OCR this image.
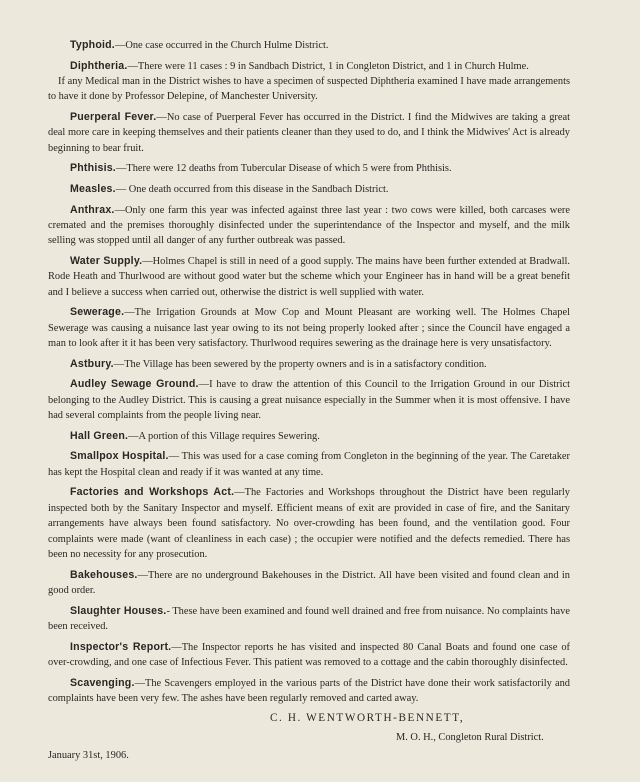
Typhoid.—One case occurred in the Church Hulme District.

Diphtheria.—There were 11 cases : 9 in Sandbach District, 1 in Congleton District, and 1 in Church Hulme.

If any Medical man in the District wishes to have a specimen of suspected Diphtheria examined I have made arrangements to have it done by Professor Delepine, of Manchester University.

Puerperal Fever.—No case of Puerperal Fever has occurred in the District. I find the Midwives are taking a great deal more care in keeping themselves and their patients cleaner than they used to do, and I think the Midwives' Act is already beginning to bear fruit.

Phthisis.—There were 12 deaths from Tubercular Disease of which 5 were from Phthisis.

Measles.— One death occurred from this disease in the Sandbach District.

Anthrax.—Only one farm this year was infected against three last year : two cows were killed, both carcases were cremated and the premises thoroughly disinfected under the superintendance of the Inspector and myself, and the milk selling was stopped until all danger of any further outbreak was passed.

Water Supply.—Holmes Chapel is still in need of a good supply. The mains have been further extended at Bradwall. Rode Heath and Thurlwood are without good water but the scheme which your Engineer has in hand will be a great benefit and I believe a success when carried out, otherwise the district is well supplied with water.

Sewerage.—The Irrigation Grounds at Mow Cop and Mount Pleasant are working well. The Holmes Chapel Sewerage was causing a nuisance last year owing to its not being properly looked after ; since the Council have engaged a man to look after it it has been very satisfactory. Thurlwood requires sewering as the drainage here is very unsatisfactory.

Astbury.—The Village has been sewered by the property owners and is in a satisfactory condition.

Audley Sewage Ground.—I have to draw the attention of this Council to the Irrigation Ground in our District belonging to the Audley District. This is causing a great nuisance especially in the Summer when it is most offensive. I have had several complaints from the people living near.

Hall Green.—A portion of this Village requires Sewering.

Smallpox Hospital.— This was used for a case coming from Congleton in the beginning of the year. The Caretaker has kept the Hospital clean and ready if it was wanted at any time.

Factories and Workshops Act.—The Factories and Workshops throughout the District have been regularly inspected both by the Sanitary Inspector and myself. Efficient means of exit are provided in case of fire, and the Sanitary arrangements have always been found satisfactory. No over-crowding has been found, and the ventilation good. Four complaints were made (want of cleanliness in each case) ; the occupier were notified and the defects remedied. There has been no necessity for any prosecution.

Bakehouses.—There are no underground Bakehouses in the District. All have been visited and found clean and in good order.

Slaughter Houses.- These have been examined and found well drained and free from nuisance. No complaints have been received.

Inspector's Report.—The Inspector reports he has visited and inspected 80 Canal Boats and found one case of over-crowding, and one case of Infectious Fever. This patient was removed to a cottage and the cabin thoroughly disinfected.

Scavenging.—The Scavengers employed in the various parts of the District have done their work satisfactorily and complaints have been very few. The ashes have been regularly removed and carted away.

C. H. WENTWORTH-BENNETT,
M. O. H., Congleton Rural District.
January 31st, 1906.
